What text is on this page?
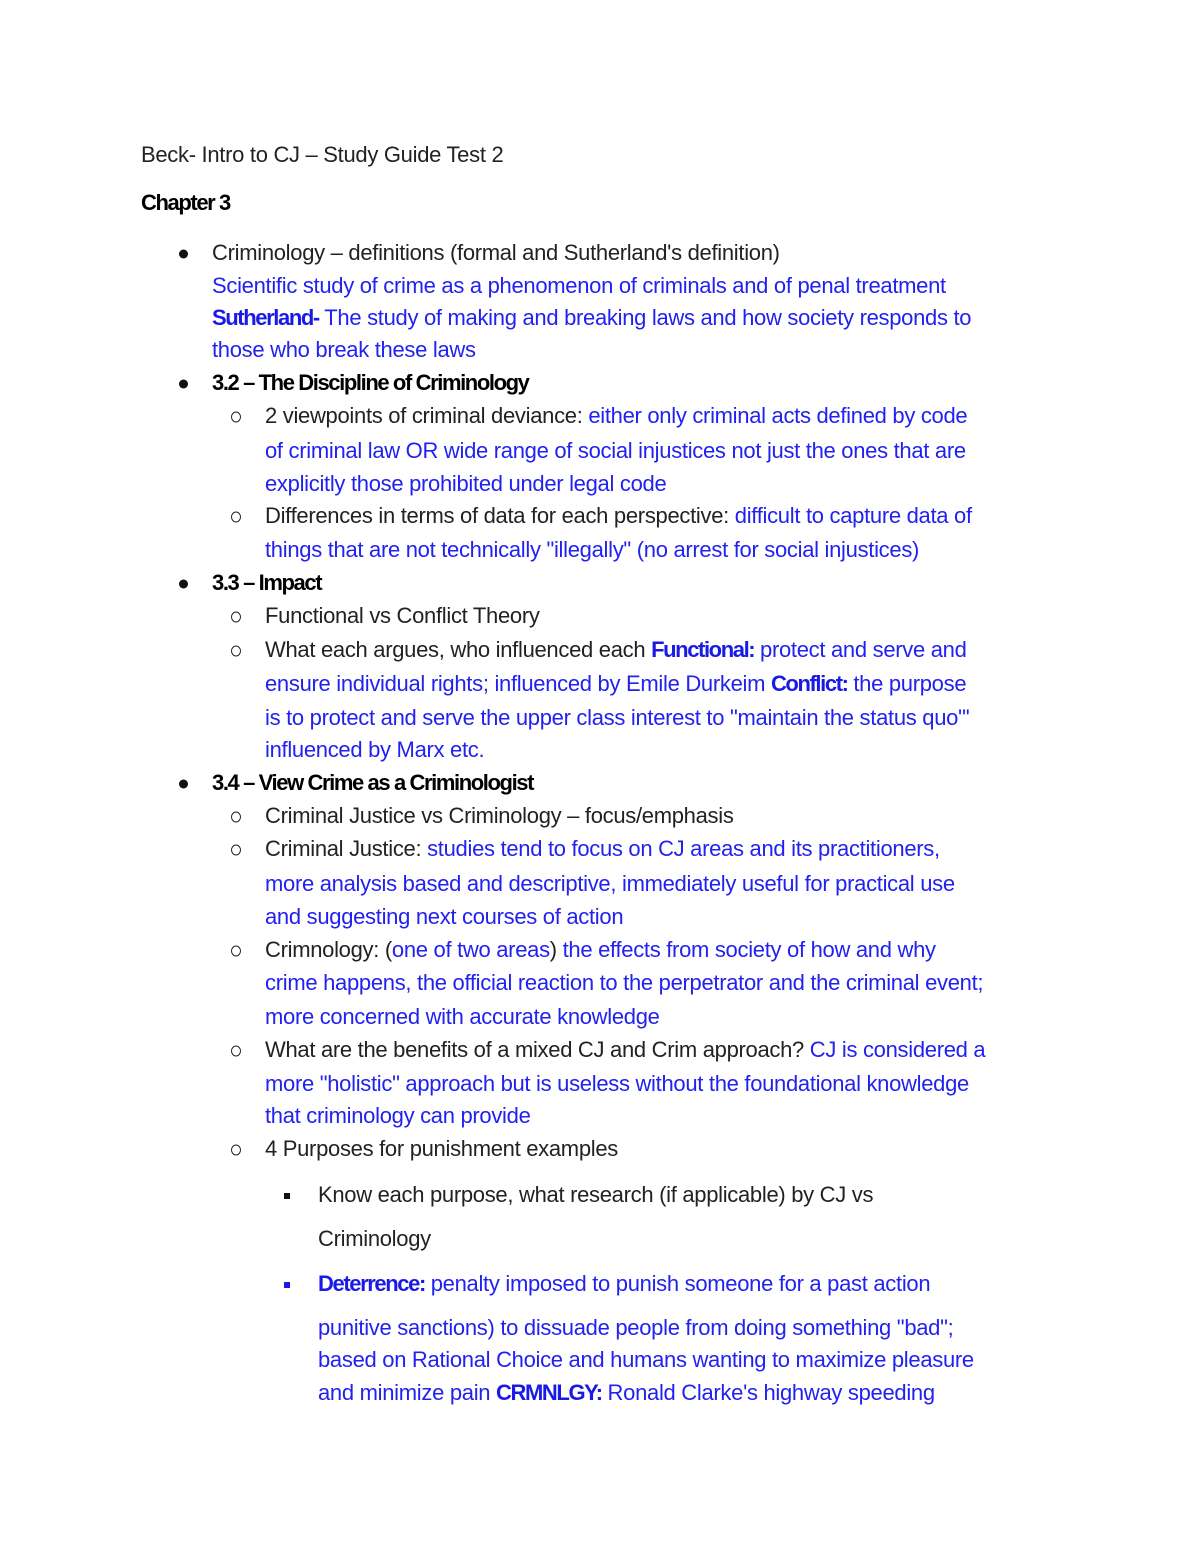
Beck- Intro to CJ – Study Guide Test 2
Chapter 3
Criminology – definitions (formal and Sutherland's definition)
Scientific study of crime as a phenomenon of criminals and of penal treatment
Sutherland- The study of making and breaking laws and how society responds to
those who break these laws
3.2 – The Discipline of Criminology
2 viewpoints of criminal deviance: either only criminal acts defined by code
of criminal law OR wide range of social injustices not just the ones that are
explicitly those prohibited under legal code
Differences in terms of data for each perspective: difficult to capture data of
things that are not technically "illegally" (no arrest for social injustices)
3.3 – Impact
Functional vs Conflict Theory
What each argues, who influenced each Functional: protect and serve and
ensure individual rights; influenced by Emile Durkeim Conflict: the purpose
is to protect and serve the upper class interest to "maintain the status quo"'
influenced by Marx etc.
3.4 – View Crime as a Criminologist
Criminal Justice vs Criminology – focus/emphasis
Criminal Justice: studies tend to focus on CJ areas and its practitioners,
more analysis based and descriptive, immediately useful for practical use
and suggesting next courses of action
Crimnology: (one of two areas) the effects from society of how and why
crime happens, the official reaction to the perpetrator and the criminal event;
more concerned with accurate knowledge
What are the benefits of a mixed CJ and Crim approach? CJ is considered a
more "holistic" approach but is useless without the foundational knowledge
that criminology can provide
4 Purposes for punishment examples
Know each purpose, what research (if applicable) by CJ vs
Criminology
Deterrence: penalty imposed to punish someone for a past action
punitive sanctions) to dissuade people from doing something "bad";
based on Rational Choice and humans wanting to maximize pleasure
and minimize pain CRMNLGY: Ronald Clarke's highway speeding
